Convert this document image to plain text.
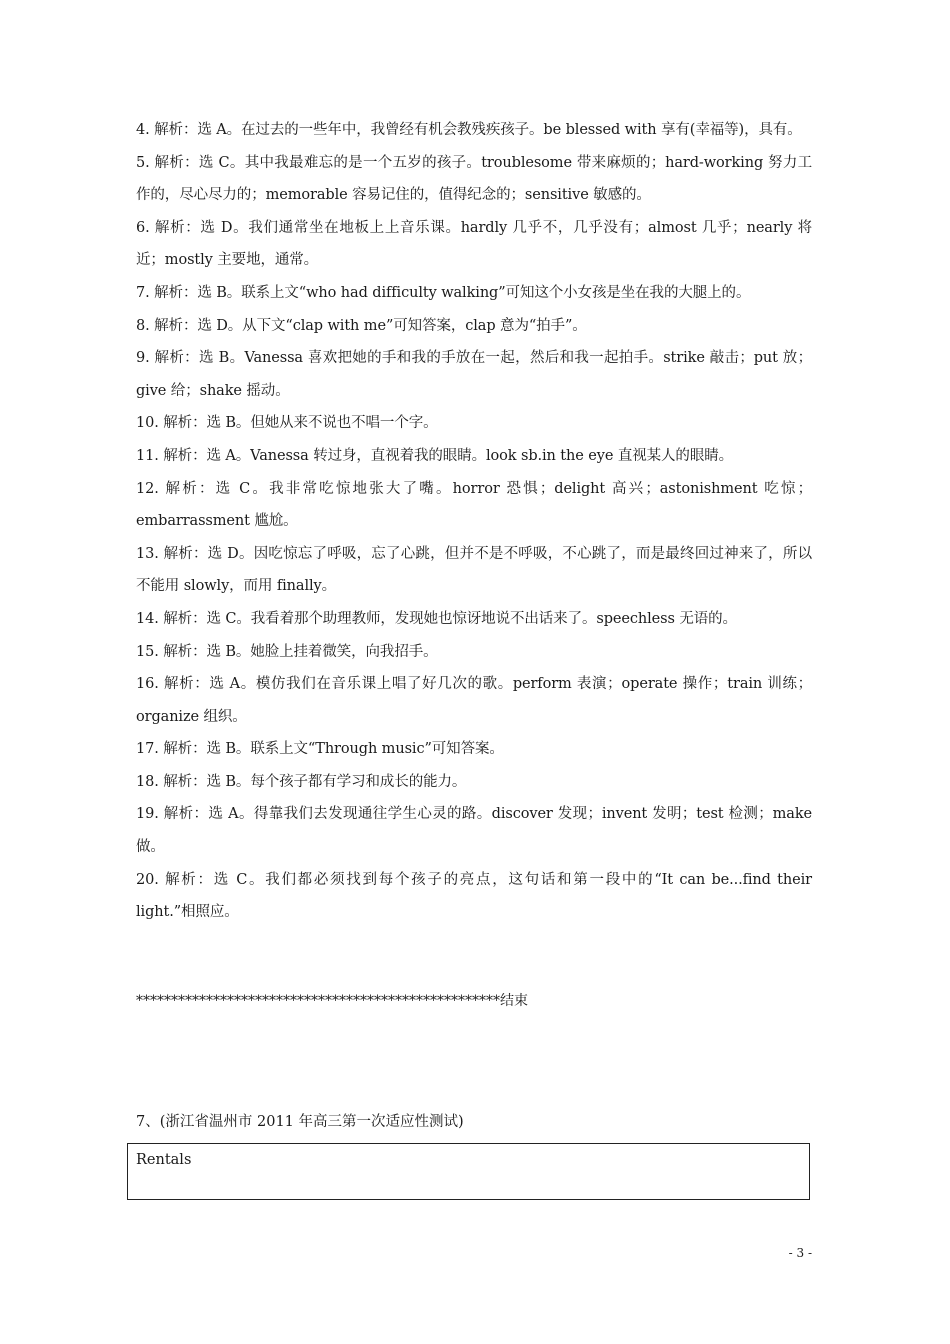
4. 解析：选 A。在过去的一些年中，我曾经有机会教残疾孩子。be blessed with 享有(幸福等)，具有。

5. 解析：选 C。其中我最难忘的是一个五岁的孩子。troublesome 带来麻烦的；hard-working 努力工作的，尽心尽力的；memorable 容易记住的，值得纪念的；sensitive 敏感的。

6. 解析：选 D。我们通常坐在地板上上音乐课。hardly 几乎不，几乎没有；almost 几乎；nearly 将近；mostly 主要地，通常。

7. 解析：选 B。联系上文“who had difficulty walking”可知这个小女孩是坐在我的大腿上的。

8. 解析：选 D。从下文“clap with me”可知答案，clap 意为“拍手”。

9. 解析：选 B。Vanessa 喜欢把她的手和我的手放在一起，然后和我一起拍手。strike 敲击；put 放；give 给；shake 摇动。

10. 解析：选 B。但她从来不说也不唱一个字。

11. 解析：选 A。Vanessa 转过身，直视着我的眼睛。look sb.in the eye 直视某人的眼睛。

12. 解析：选 C。我非常吃惊地张大了嘴。horror 恐惧；delight 高兴；astonishment 吃惊；embarrassment 尴尬。

13. 解析：选 D。因吃惊忘了呼吸，忘了心跳，但并不是不呼吸，不心跳了，而是最终回过神来了，所以不能用 slowly，而用 finally。

14. 解析：选 C。我看着那个助理教师，发现她也惊讶地说不出话来了。speechless 无语的。

15. 解析：选 B。她脸上挂着微笑，向我招手。

16. 解析：选 A。模仿我们在音乐课上唱了好几次的歌。perform 表演；operate 操作；train 训练；organize 组织。

17. 解析：选 B。联系上文“Through music”可知答案。

18. 解析：选 B。每个孩子都有学习和成长的能力。

19. 解析：选 A。得靠我们去发现通往学生心灵的路。discover 发现；invent 发明；test 检测；make 做。

20. 解析：选 C。我们都必须找到每个孩子的亮点，这句话和第一段中的“It can be...find their light.”相照应。

****************************************************结束
7、(浙江省温州市 2011 年高三第一次适应性测试)
Rentals
- 3 -
